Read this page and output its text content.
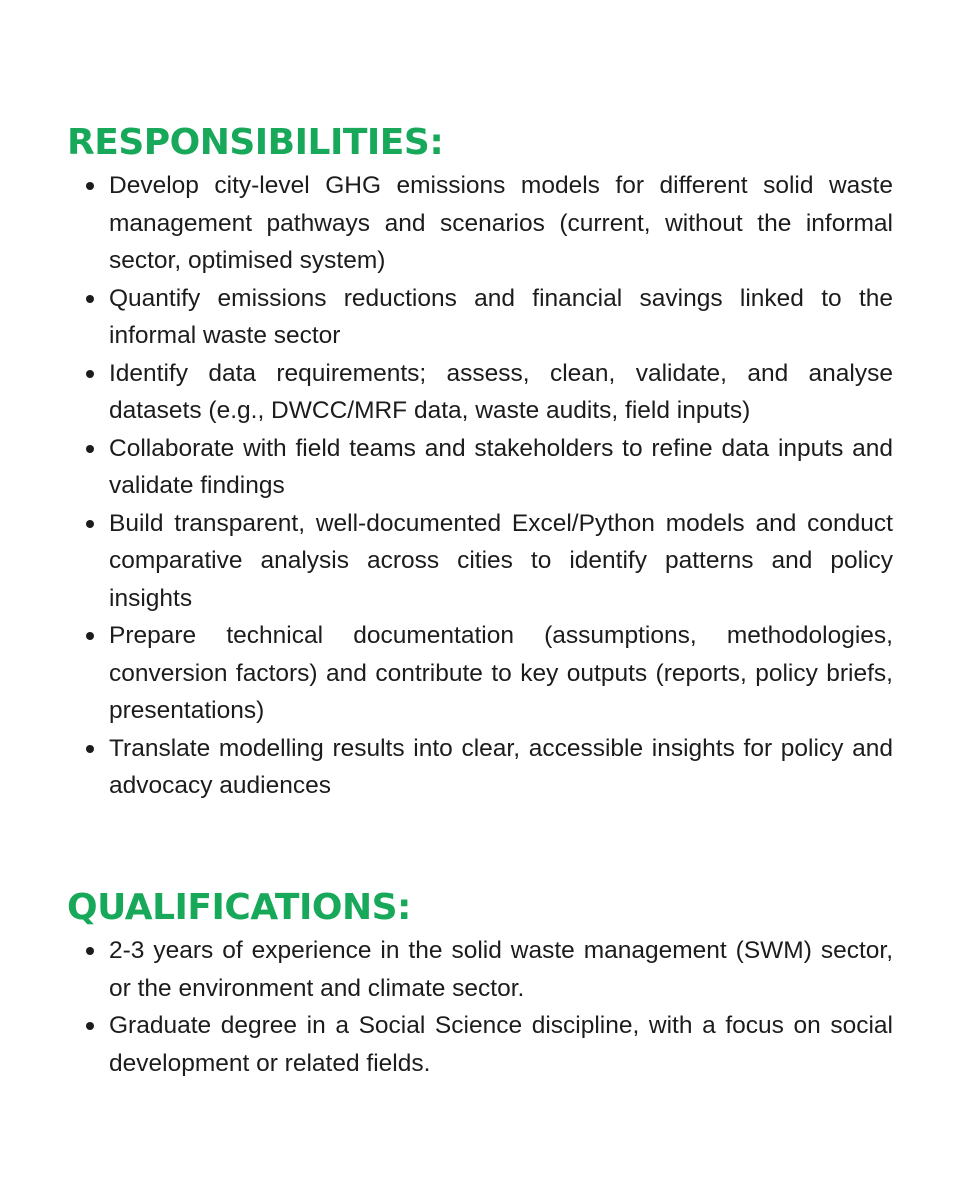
RESPONSIBILITIES:
Develop city-level GHG emissions models for different solid waste management pathways and scenarios (current, without the informal sector, optimised system)
Quantify emissions reductions and financial savings linked to the informal waste sector
Identify data requirements; assess, clean, validate, and analyse datasets (e.g., DWCC/MRF data, waste audits, field inputs)
Collaborate with field teams and stakeholders to refine data inputs and validate findings
Build transparent, well-documented Excel/Python models and conduct comparative analysis across cities to identify patterns and policy insights
Prepare technical documentation (assumptions, methodologies, conversion factors) and contribute to key outputs (reports, policy briefs, presentations)
Translate modelling results into clear, accessible insights for policy and advocacy audiences
QUALIFICATIONS:
2-3 years of experience in the solid waste management (SWM) sector, or the environment and climate sector.
Graduate degree in a Social Science discipline, with a focus on social development or related fields.
